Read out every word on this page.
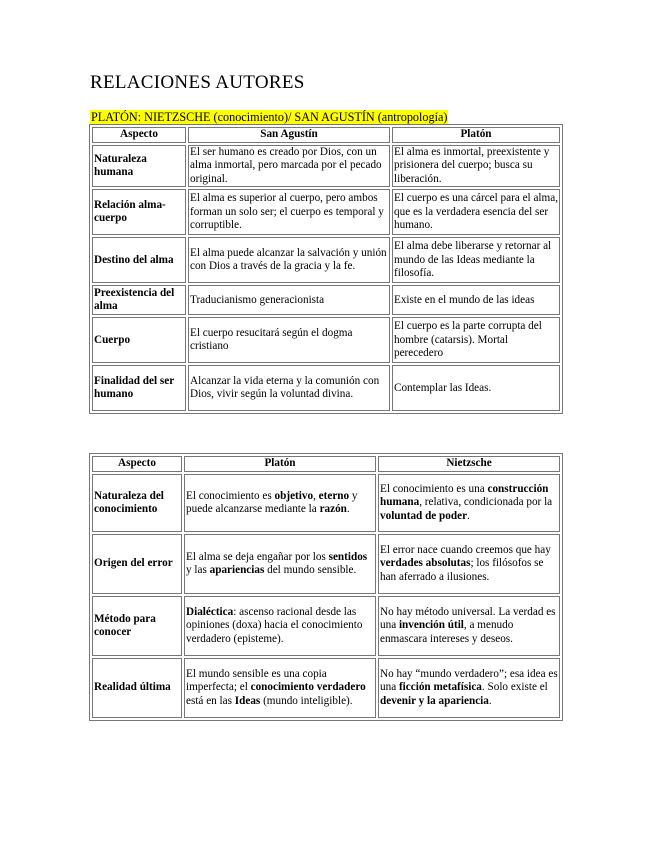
RELACIONES AUTORES
PLATÓN: NIETZSCHE (conocimiento)/ SAN AGUSTÍN (antropología)
Aspecto	San Agustín	Platón
Naturaleza humana	El ser humano es creado por Dios, con un alma inmortal, pero marcada por el pecado original.	El alma es inmortal, preexistente y prisionera del cuerpo; busca su liberación.
Relación alma-cuerpo	El alma es superior al cuerpo, pero ambos forman un solo ser; el cuerpo es temporal y corruptible.	El cuerpo es una cárcel para el alma, que es la verdadera esencia del ser humano.
Destino del alma	El alma puede alcanzar la salvación y unión con Dios a través de la gracia y la fe.	El alma debe liberarse y retornar al mundo de las Ideas mediante la filosofía.
Preexistencia del alma	Traducianismo generacionista	Existe en el mundo de las ideas
Cuerpo	El cuerpo resucitará según el dogma cristiano	El cuerpo es la parte corrupta del hombre (catarsis). Mortal perecedero
Finalidad del ser humano	Alcanzar la vida eterna y la comunión con Dios, vivir según la voluntad divina.	Contemplar las Ideas.
Aspecto	Platón	Nietzsche
Naturaleza del conocimiento	El conocimiento es objetivo, eterno y puede alcanzarse mediante la razón.	El conocimiento es una construcción humana, relativa, condicionada por la voluntad de poder.
Origen del error	El alma se deja engañar por los sentidos y las apariencias del mundo sensible.	El error nace cuando creemos que hay verdades absolutas; los filósofos se han aferrado a ilusiones.
Método para conocer	Dialéctica: ascenso racional desde las opiniones (doxa) hacia el conocimiento verdadero (episteme).	No hay método universal. La verdad es una invención útil, a menudo enmascara intereses y deseos.
Realidad última	El mundo sensible es una copia imperfecta; el conocimiento verdadero está en las Ideas (mundo inteligible).	No hay “mundo verdadero”; esa idea es una ficción metafísica. Solo existe el devenir y la apariencia.
